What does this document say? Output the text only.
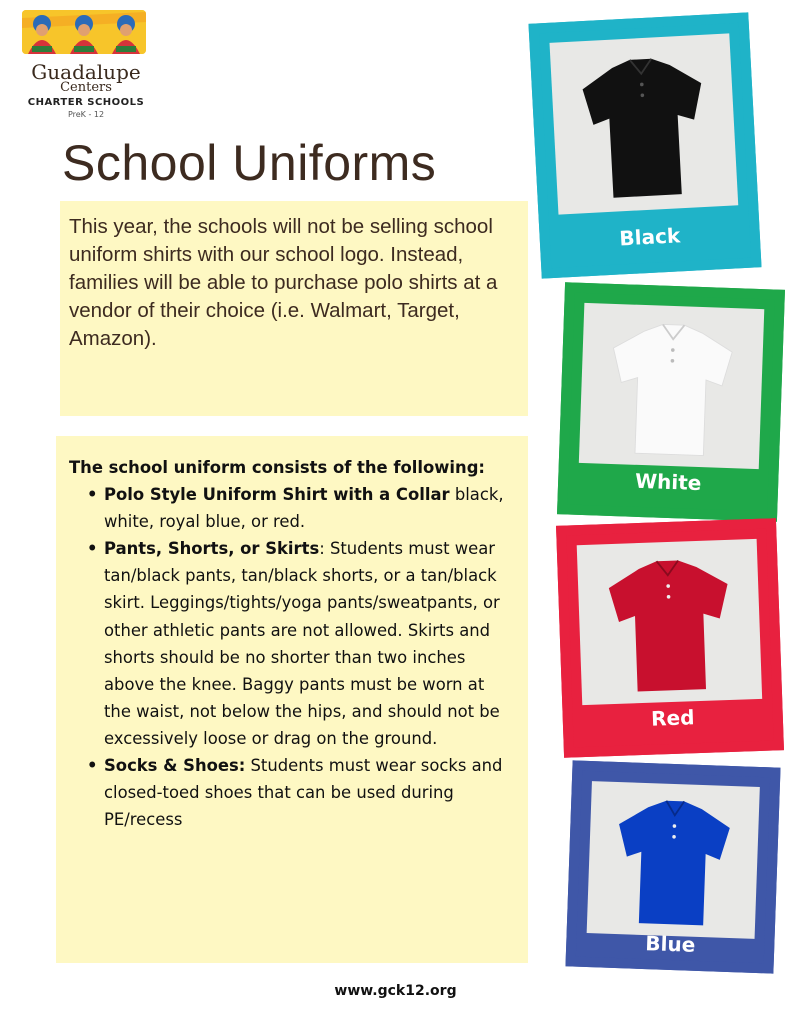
Guadalupe
Centers
CHARTER SCHOOLS
PreK - 12
School Uniforms
This year, the schools will not be selling school uniform shirts with our school logo. Instead, families will be able to purchase polo shirts at a vendor of their choice (i.e. Walmart, Target, Amazon).
The school uniform consists of the following:
• Polo Style Uniform Shirt with a Collar black, white, royal blue, or red.
• Pants, Shorts, or Skirts: Students must wear tan/black pants, tan/black shorts, or a tan/black skirt. Leggings/tights/yoga pants/sweatpants, or other athletic pants are not allowed. Skirts and shorts should be no shorter than two inches above the knee. Baggy pants must be worn at the waist, not below the hips, and should not be excessively loose or drag on the ground.
• Socks & Shoes: Students must wear socks and closed-toed shoes that can be used during PE/recess
Black
White
Red
Blue
www.gck12.org
